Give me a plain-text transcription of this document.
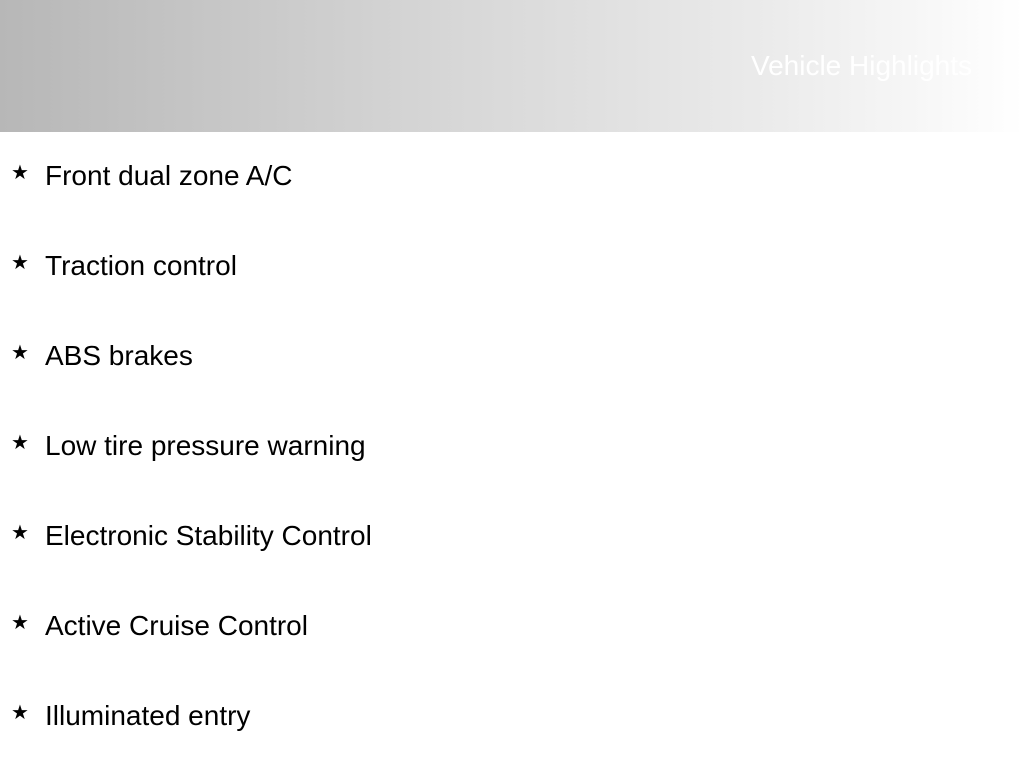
Vehicle Highlights
★ Front dual zone A/C
★ Traction control
★ ABS brakes
★ Low tire pressure warning
★ Electronic Stability Control
★ Active Cruise Control
★ Illuminated entry
